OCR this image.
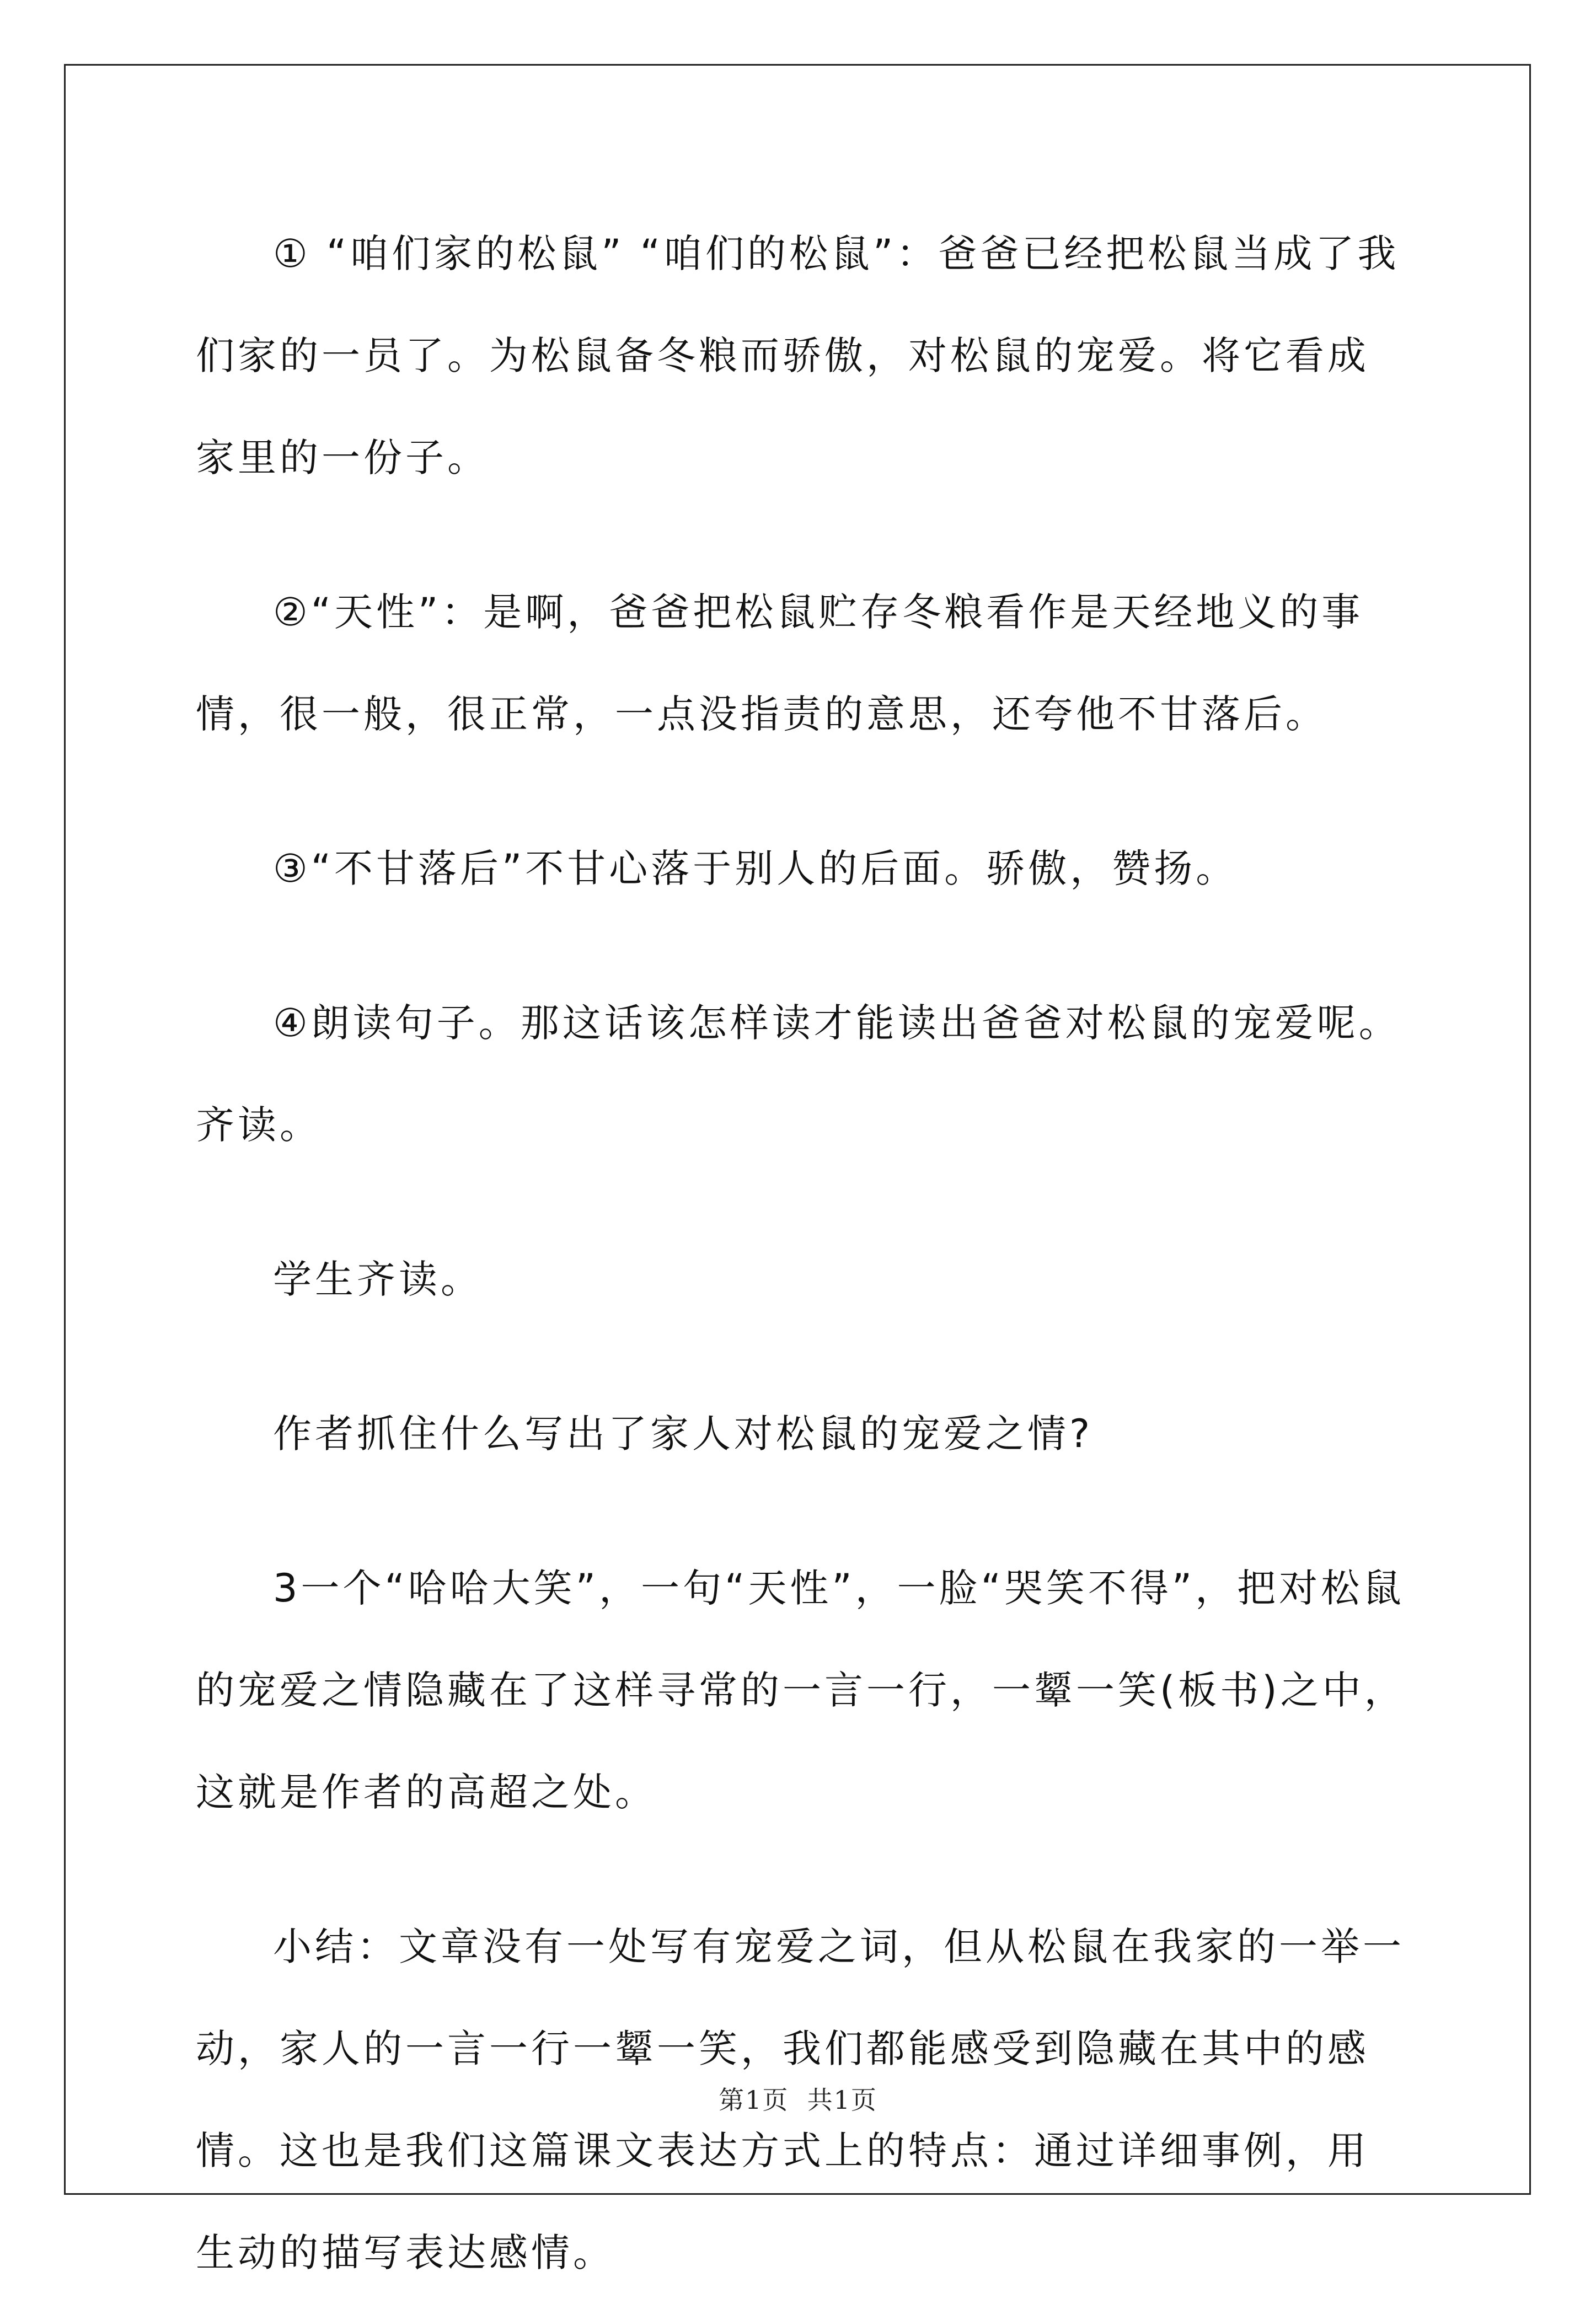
① “咱们家的松鼠” “咱们的松鼠”：爸爸已经把松鼠当成了我们家的一员了。为松鼠备冬粮而骄傲，对松鼠的宠爱。将它看成家里的一份子。

②“天性”：是啊，爸爸把松鼠贮存冬粮看作是天经地义的事情，很一般，很正常，一点没指责的意思，还夸他不甘落后。

③“不甘落后”不甘心落于别人的后面。骄傲，赞扬。

④朗读句子。那这话该怎样读才能读出爸爸对松鼠的宠爱呢。齐读。

学生齐读。

作者抓住什么写出了家人对松鼠的宠爱之情?

3一个“哈哈大笑”，一句“天性”，一脸“哭笑不得”，把对松鼠的宠爱之情隐藏在了这样寻常的一言一行，一颦一笑(板书)之中，这就是作者的高超之处。

小结：文章没有一处写有宠爱之词，但从松鼠在我家的一举一动，家人的一言一行一颦一笑，我们都能感受到隐藏在其中的感情。这也是我们这篇课文表达方式上的特点：通过详细事例，用生动的描写表达感情。

第1页  共1页
